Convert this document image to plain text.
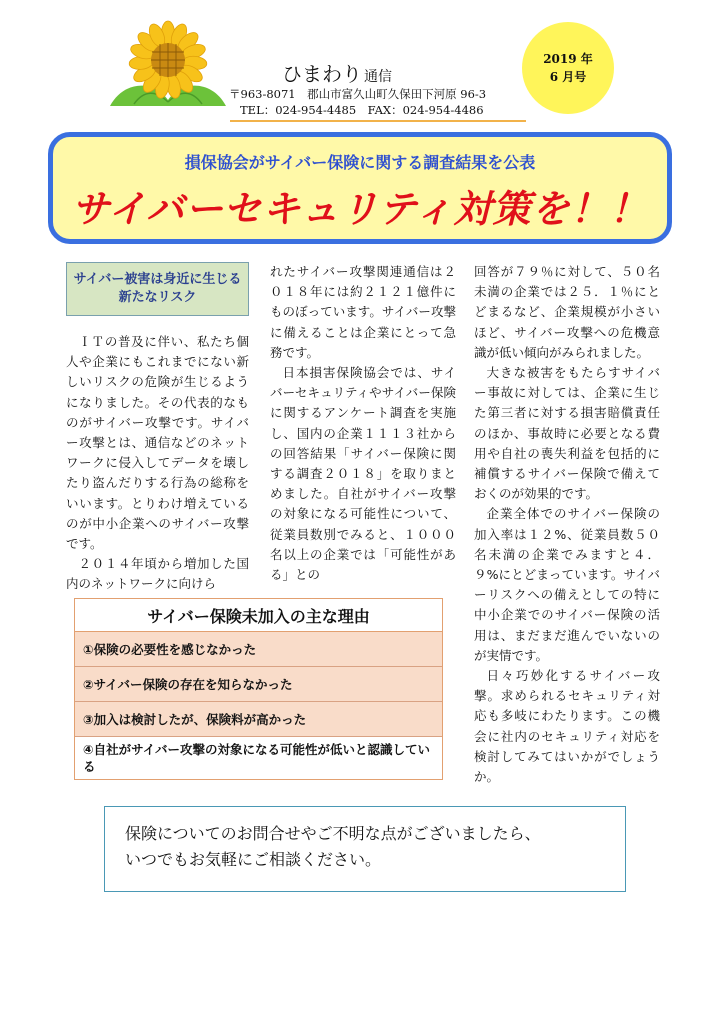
ひまわり 通信
〒963-8071　郡山市富久山町久保田下河原 96-3
TEL：024-954-4485　FAX：024-954-4486
2019 年
6 月号
損保協会がサイバー保険に関する調査結果を公表
サイバーセキュリティ対策を！！
サイバー被害は身近に生じる新たなリスク

ＩＴの普及に伴い、私たち個人や企業にもこれまでにない新しいリスクの危険が生じるようになりました。その代表的なものがサイバー攻撃です。サイバー攻撃とは、通信などのネットワークに侵入してデータを壊したり盗んだりする行為の総称をいいます。とりわけ増えているのが中小企業へのサイバー攻撃です。

２０１４年頃から増加した国内のネットワークに向けら

れたサイバー攻撃関連通信は２０１８年には約２１２１億件にものぼっています。サイバー攻撃に備えることは企業にとって急務です。

日本損害保険協会では、サイバーセキュリティやサイバー保険に関するアンケート調査を実施し、国内の企業１１１３社からの回答結果「サイバー保険に関する調査２０１８」を取りまとめました。自社がサイバー攻撃の対象になる可能性について、従業員数別でみると、１０００名以上の企業では「可能性がある」との

回答が７９％に対して、５０名未満の企業では２５．１％にとどまるなど、企業規模が小さいほど、サイバー攻撃への危機意識が低い傾向がみられました。

大きな被害をもたらすサイバー事故に対しては、企業に生じた第三者に対する損害賠償責任のほか、事故時に必要となる費用や自社の喪失利益を包括的に補償するサイバー保険で備えておくのが効果的です。

企業全体でのサイバー保険の加入率は１２%、従業員数５０名未満の企業でみますと４．９%にとどまっています。サイバーリスクへの備えとしての特に中小企業でのサイバー保険の活用は、まだまだ進んでいないのが実情です。

日々巧妙化するサイバー攻撃。求められるセキュリティ対応も多岐にわたります。この機会に社内のセキュリティ対応を検討してみてはいかがでしょうか。

サイバー保険未加入の主な理由
①保険の必要性を感じなかった
②サイバー保険の存在を知らなかった
③加入は検討したが、保険料が高かった
④自社がサイバー攻撃の対象になる可能性が低いと認識している
保険についてのお問合せやご不明な点がございましたら、
いつでもお気軽にご相談ください。
